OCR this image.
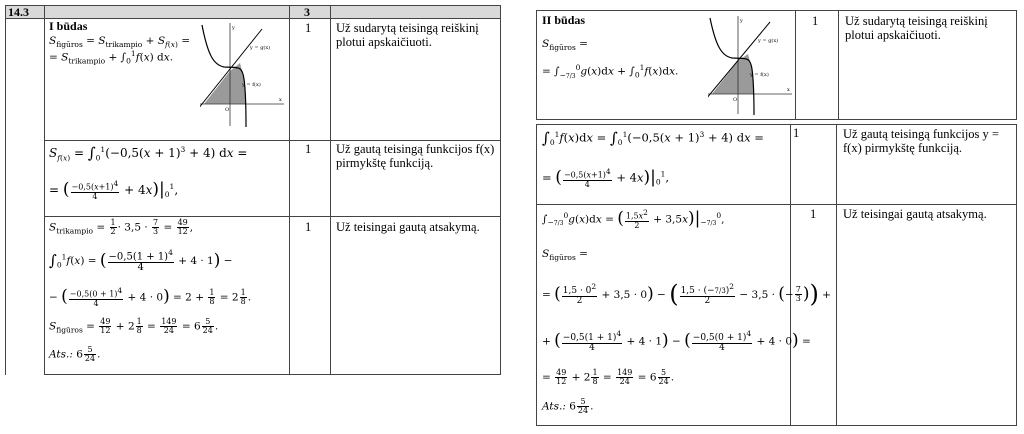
14.3	3
I būdas
$S_{figūros} = S_{trikampio} + S_{f(x)}$ =
= $S_{trikampio} + \int_0^1f(x)$ dx.
y = g(x)
y = f(x)
O
x
y	1 Už sudarytą teisingą reiškinį plotui apskaičiuoti.
$S_{f(x)} = \int_0^1(-0,5(x + 1)^3 + 4)$ dx =
= ( $\frac{-0,5(x+1)^4}{4} + 4x)|_0^1$,
1 Už gautą teisingą funkcijos f(x) pirmykštę funkciją.
$S_{trikampio} = \frac{1}{2} \cdot 3,5 \cdot \frac{7}{3} = \frac{49}{12}$ ,
$\int_0^1f(x)$ = ( $\frac{-0,5(1 + 1)^4}{4} + 4 \cdot 1$) −
− ( $\frac{-0,5(0 + 1)^4}{4} + 4 \cdot 0) = 2 + \frac{1}{8} = 2 \frac{1}{8}$ .
$S_{figūros} = \frac{49}{12} + 2 \frac{1}{8} = \frac{149}{24} = 6 \frac{5}{24}$ .
Ats.: $6 \frac{5}{24}$ .
1 Už teisingai gautą atsakymą.
II būdas
$S_{figūros}$ =
= $\int_{-7/3}^0g(x)dx + \int_0^1f(x)dx$.
y = g(x)
y = f(x)
O
x
y	1 Už sudarytą teisingą reiškinį plotui apskaičiuoti.
$\int_0^1f(x)dx = \int_0^1(-0,5(x + 1)^3 + 4)$ dx =
= ( $\frac{-0,5(x+1)^4}{4} + 4x)|_0^1$,
1	Už gautą teisingą funkcijos y = f(x) pirmykštę funkciją.
$\int_{-7/3}^0g(x)dx$ = ( $\frac{1,5x^2}{2} + 3,5x)|_{-7/3}^0$,
$S_{figūros}$ =
= ( $\frac{1,5 \cdot 0^2}{2} + 3,5 \cdot 0$) − ( $\frac{1,5 \cdot (-7/3)^2}{2} - 3,5$ · (− $\frac{7}{3}$ )) +
+ ( $\frac{-0,5(1 + 1)^4}{4} + 4 \cdot 1$) − ( $\frac{-0,5(0 + 1)^4}{4} + 4 \cdot 0$) =
= $\frac{49}{12} + 2 \frac{1}{8} = \frac{149}{24} = 6 \frac{5}{24}$ .
Ats.: $6 \frac{5}{24}$ .
1 Už teisingai gautą atsakymą.
